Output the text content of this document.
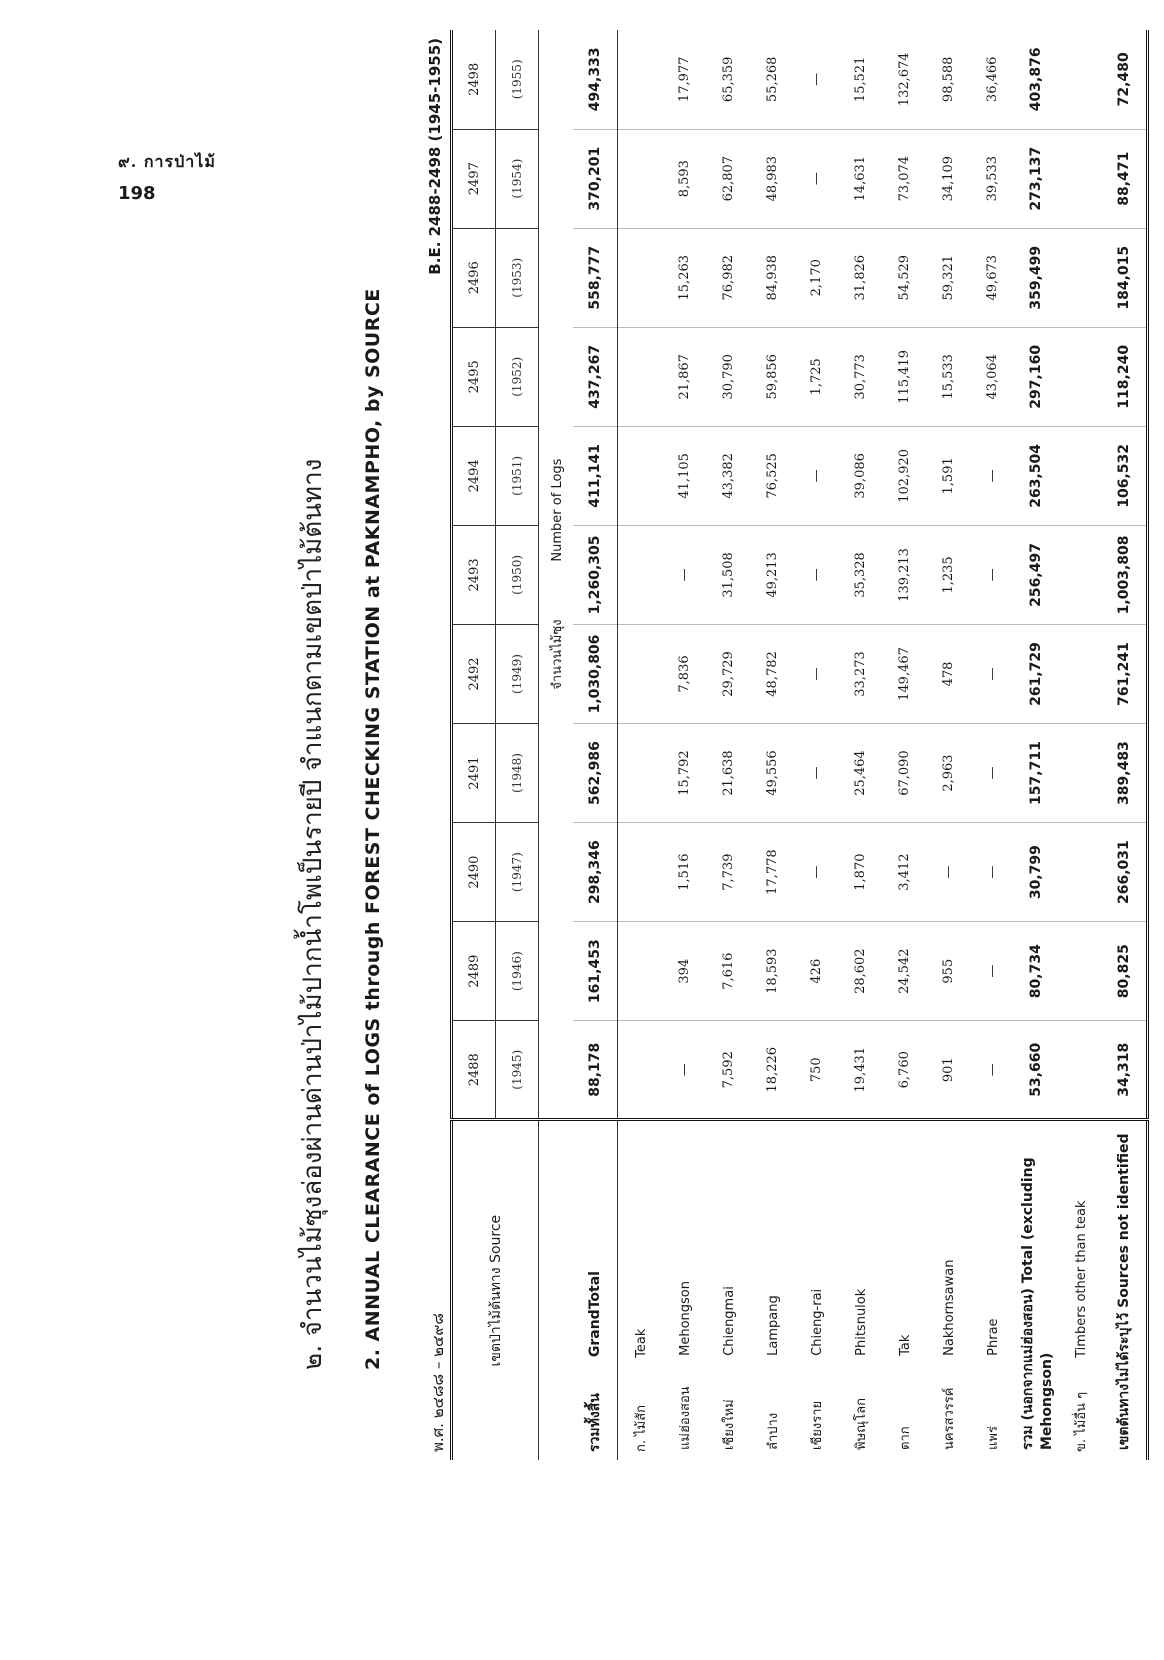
๙. การป่าไม้
198
๒. จำนวนไม้ซุงล่องผ่านด่านป่าไม้ปากน้ำโพเป็นรายปี จำแนกตามเขตป่าไม้ต้นทาง 2. ANNUAL CLEARANCE of LOGS through FOREST CHECKING STATION at PAKNAMPHO, by SOURCE
พ.ศ. ๒๔๘๘ – ๒๔๙๘
B.E. 2488-2498 (1945-1955)
เขตป่าไม้ต้นทาง Source	2488	2489	2490	2491	2492	2493	2494	2495	2496	2497	2498
	(1945)	(1946)	(1947)	(1948)	(1949)	(1950)	(1951)	(1952)	(1953)	(1954)	(1955)
	จำนวนไม้ซุง              Number of Logs										
รวมทั้งสิ้น GrandTotal	88,178	161,453	298,346	562,986	1,030,806	1,260,305	411,141	437,267	558,777	370,201	494,333
ก. ไม้สัก Teak											
แม่ฮ่องสอน Mehongson	—	394	1,516	15,792	7,836	—	41,105	21,867	15,263	8,593	17,977
เชียงใหม่ Chiengmai	7,592	7,616	7,739	21,638	29,729	31,508	43,382	30,790	76,982	62,807	65,359
ลำปาง Lampang	18,226	18,593	17,778	49,556	48,782	49,213	76,525	59,856	84,938	48,983	55,268
เชียงราย Chieng-rai	750	426	—	—	—	—	—	1,725	2,170	—	—
พิษณุโลก Phitsnulok	19,431	28,602	1,870	25,464	33,273	35,328	39,086	30,773	31,826	14,631	15,521
ตาก Tak	6,760	24,542	3,412	67,090	149,467	139,213	102,920	115,419	54,529	73,074	132,674
นครสวรรค์ Nakhornsawan	901	955	—	2,963	478	1,235	1,591	15,533	59,321	34,109	98,588
แพร่ Phrae	—	—	—	—	—	—	—	43,064	49,673	39,533	36,466
รวม (นอกจากแม่ฮ่องสอน) Total (excluding Mehongson)	53,660	80,734	30,799	157,711	261,729	256,497	263,504	297,160	359,499	273,137	403,876
ข. ไม้อื่น ๆ Timbers other than teak											
เขตต้นทางไม่ได้ระบุไว้ Sources not identified	34,318	80,825	266,031	389,483	761,241	1,003,808	106,532	118,240	184,015	88,471	72,480
